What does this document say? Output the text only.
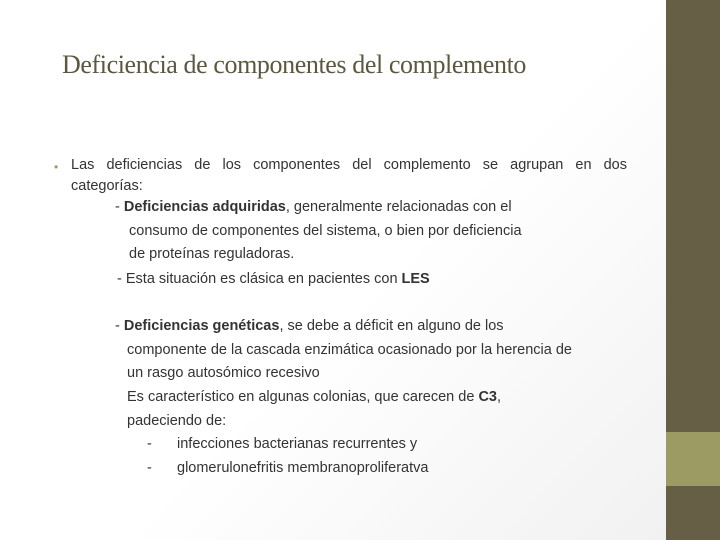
Deficiencia de componentes del complemento
• Las deficiencias de los componentes del complemento se agrupan en dos
categorías:
- Deficiencias adquiridas, generalmente relacionadas con el
consumo de componentes del sistema, o bien por deficiencia
de proteínas reguladoras.
- Esta situación es clásica en pacientes con LES
- Deficiencias genéticas, se debe a déficit en alguno de los
componente de la cascada enzimática ocasionado por la herencia de
un rasgo autosómico recesivo
Es característico en algunas colonias, que carecen de C3,
padeciendo de:
- infecciones bacterianas recurrentes y
- glomerulonefritis membranoproliferatva
